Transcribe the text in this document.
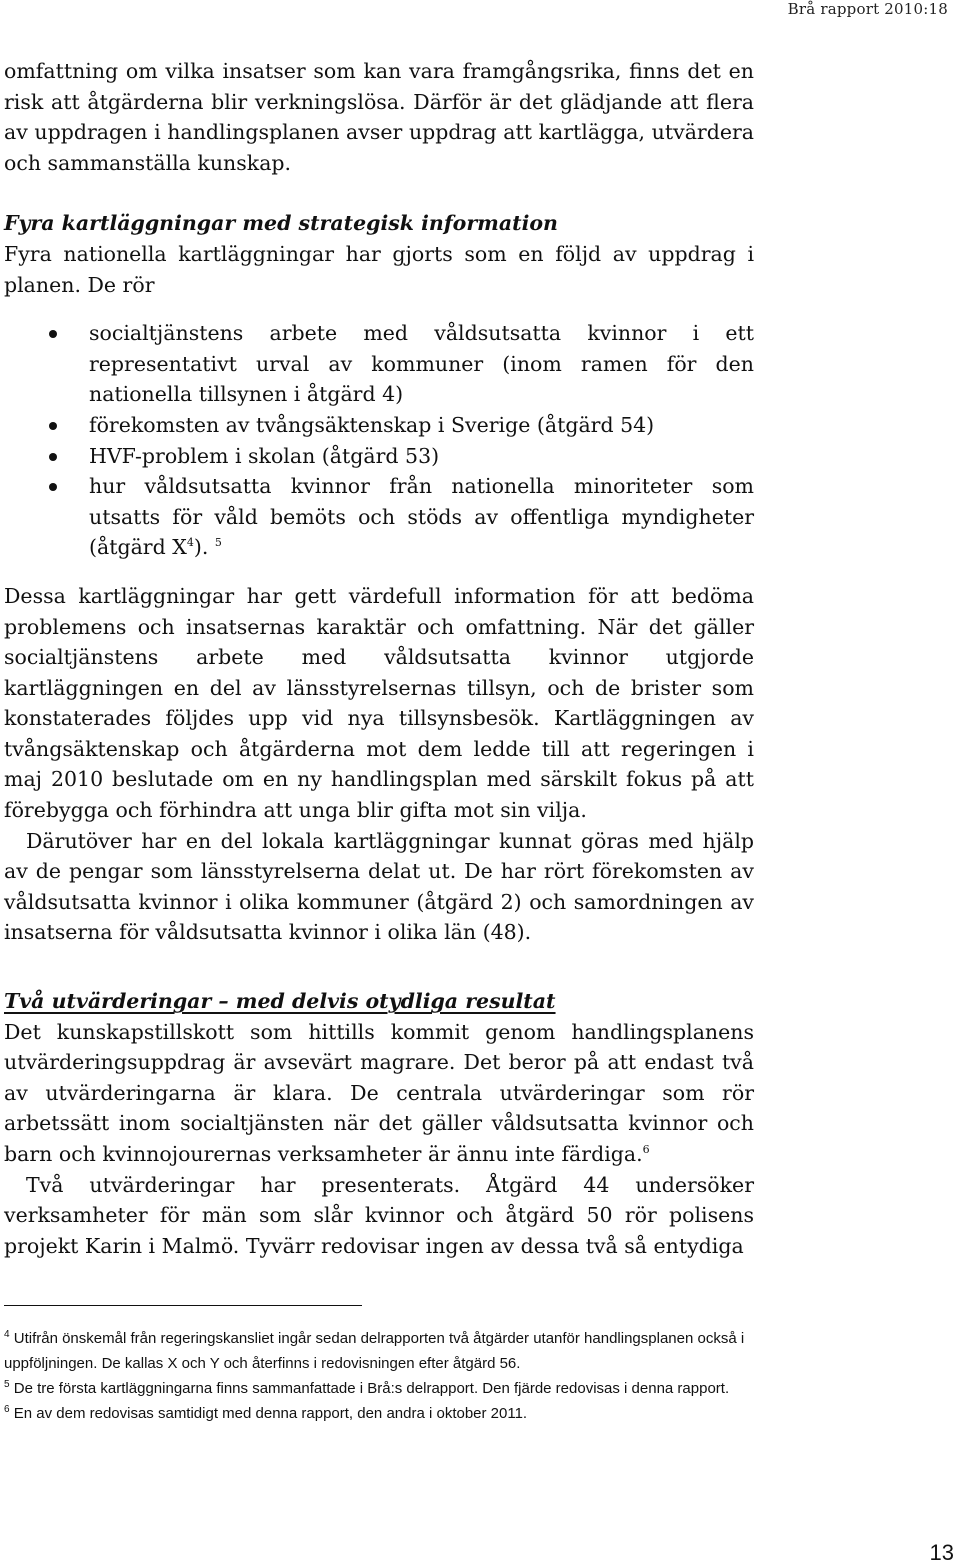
Brå rapport 2010:18

omfattning om vilka insatser som kan vara framgångsrika, finns det en risk att åtgärderna blir verkningslösa. Därför är det glädjande att flera av uppdragen i handlingsplanen avser uppdrag att kartlägga, utvärdera och sammanställa kunskap.

Fyra kartläggningar med strategisk information

Fyra nationella kartläggningar har gjorts som en följd av uppdrag i planen. De rör

socialtjänstens arbete med våldsutsatta kvinnor i ett representativt urval av kommuner (inom ramen för den nationella tillsynen i åtgärd 4)
förekomsten av tvångsäktenskap i Sverige (åtgärd 54)
HVF-problem i skolan (åtgärd 53)
hur våldsutsatta kvinnor från nationella minoriteter som utsatts för våld bemöts och stöds av offentliga myndigheter (åtgärd $X^4$). $^5$

Dessa kartläggningar har gett värdefull information för att bedöma problemens och insatsernas karaktär och omfattning. När det gäller socialtjänstens arbete med våldsutsatta kvinnor utgjorde kartläggningen en del av länsstyrelsernas tillsyn, och de brister som konstaterades följdes upp vid nya tillsynsbesök. Kartläggningen av tvångsäktenskap och åtgärderna mot dem ledde till att regeringen i maj 2010 beslutade om en ny handlingsplan med särskilt fokus på att förebygga och förhindra att unga blir gifta mot sin vilja.

Därutöver har en del lokala kartläggningar kunnat göras med hjälp av de pengar som länsstyrelserna delat ut. De har rört förekomsten av våldsutsatta kvinnor i olika kommuner (åtgärd 2) och samordningen av insatserna för våldsutsatta kvinnor i olika län (48).

Två utvärderingar – med delvis otydliga resultat

Det kunskapstillskott som hittills kommit genom handlingsplanens utvärderingsuppdrag är avsevärt magrare. Det beror på att endast två av utvärderingarna är klara. De centrala utvärderingar som rör arbetssätt inom socialtjänsten när det gäller våldsutsatta kvinnor och barn och kvinnojourernas verksamheter är ännu inte färdiga.$^6$

Två utvärderingar har presenterats. Åtgärd 44 undersöker verksamheter för män som slår kvinnor och åtgärd 50 rör polisens projekt Karin i Malmö. Tyvärr redovisar ingen av dessa två så entydiga

$^4$ Utifrån önskemål från regeringskansliet ingår sedan delrapporten två åtgärder utanför handlingsplanen också i uppföljningen. De kallas X och Y och återfinns i redovisningen efter åtgärd 56.

$^5$ De tre första kartläggningarna finns sammanfattade i Brå:s delrapport. Den fjärde redovisas i denna rapport.

$^6$ En av dem redovisas samtidigt med denna rapport, den andra i oktober 2011.

13
